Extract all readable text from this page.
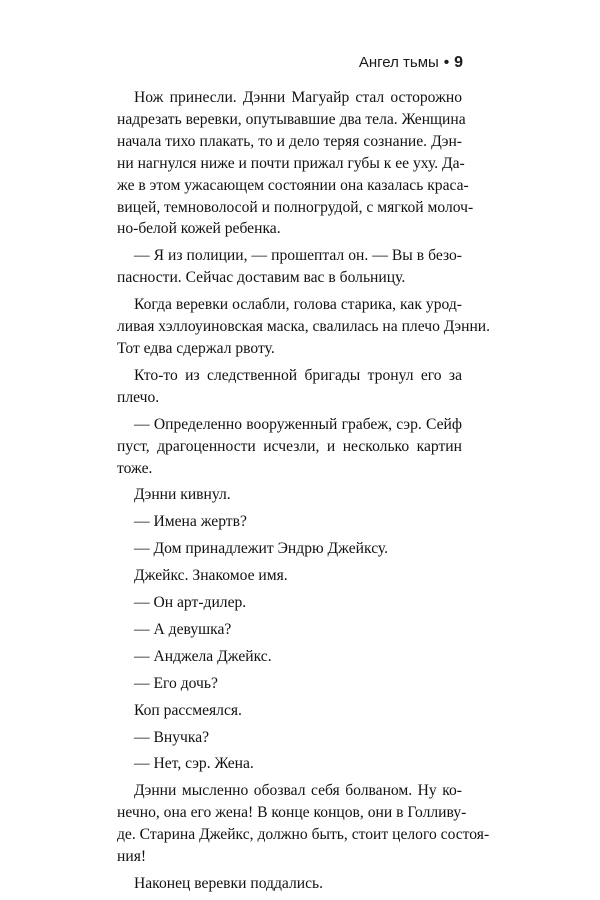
Ангел тьмы • 9

Нож принесли. Дэнни Магуайр стал осторожно
надрезать веревки, опутывавшие два тела. Женщина
начала тихо плакать, то и дело теряя сознание. Дэн-
ни нагнулся ниже и почти прижал губы к ее уху. Да-
же в этом ужасающем состоянии она казалась краса-
вицей, темноволосой и полногрудой, с мягкой молоч-
но-белой кожей ребенка.

— Я из полиции, — прошептал он. — Вы в безо-
пасности. Сейчас доставим вас в больницу.

Когда веревки ослабли, голова старика, как урод-
ливая хэллоуиновская маска, свалилась на плечо Дэнни.
Тот едва сдержал рвоту.

Кто-то из следственной бригады тронул его за
плечо.

— Определенно вооруженный грабеж, сэр. Сейф
пуст, драгоценности исчезли, и несколько картин
тоже.

Дэнни кивнул.

— Имена жертв?

— Дом принадлежит Эндрю Джейксу.

Джейкс. Знакомое имя.

— Он арт-дилер.

— А девушка?

— Анджела Джейкс.

— Его дочь?

Коп рассмеялся.

— Внучка?

— Нет, сэр. Жена.

Дэнни мысленно обозвал себя болваном. Ну ко-
нечно, она его жена! В конце концов, они в Голливу-
де. Старина Джейкс, должно быть, стоит целого состоя-
ния!

Наконец веревки поддались.
